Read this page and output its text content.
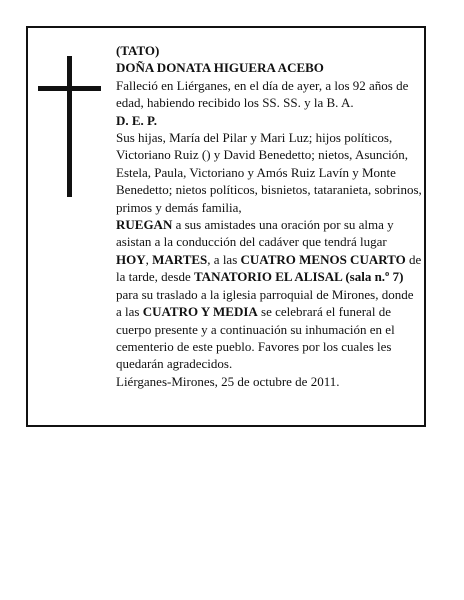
(TATO)

DOÑA DONATA HIGUERA ACEBO

Falleció en Liérganes, en el día de ayer, a los 92 años de edad, habiendo recibido los SS. SS. y la B. A.

D. E. P.

Sus hijas, María del Pilar y Mari Luz; hijos políticos, Victoriano Ruiz () y David Benedetto; nietos, Asunción, Estela, Paula, Victoriano y Amós Ruiz Lavín y Monte Benedetto; nietos políticos, bisnietos, tataranieta, sobrinos, primos y demás familia,

RUEGAN a sus amistades una oración por su alma y asistan a la conducción del cadáver que tendrá lugar HOY, MARTES, a las CUATRO MENOS CUARTO de la tarde, desde TANATORIO EL ALISAL (sala n.º 7) para su traslado a la iglesia parroquial de Mirones, donde a las CUATRO Y MEDIA se celebrará el funeral de cuerpo presente y a continuación su inhumación en el cementerio de este pueblo. Favores por los cuales les quedarán agradecidos.

Liérganes-Mirones, 25 de octubre de 2011.
